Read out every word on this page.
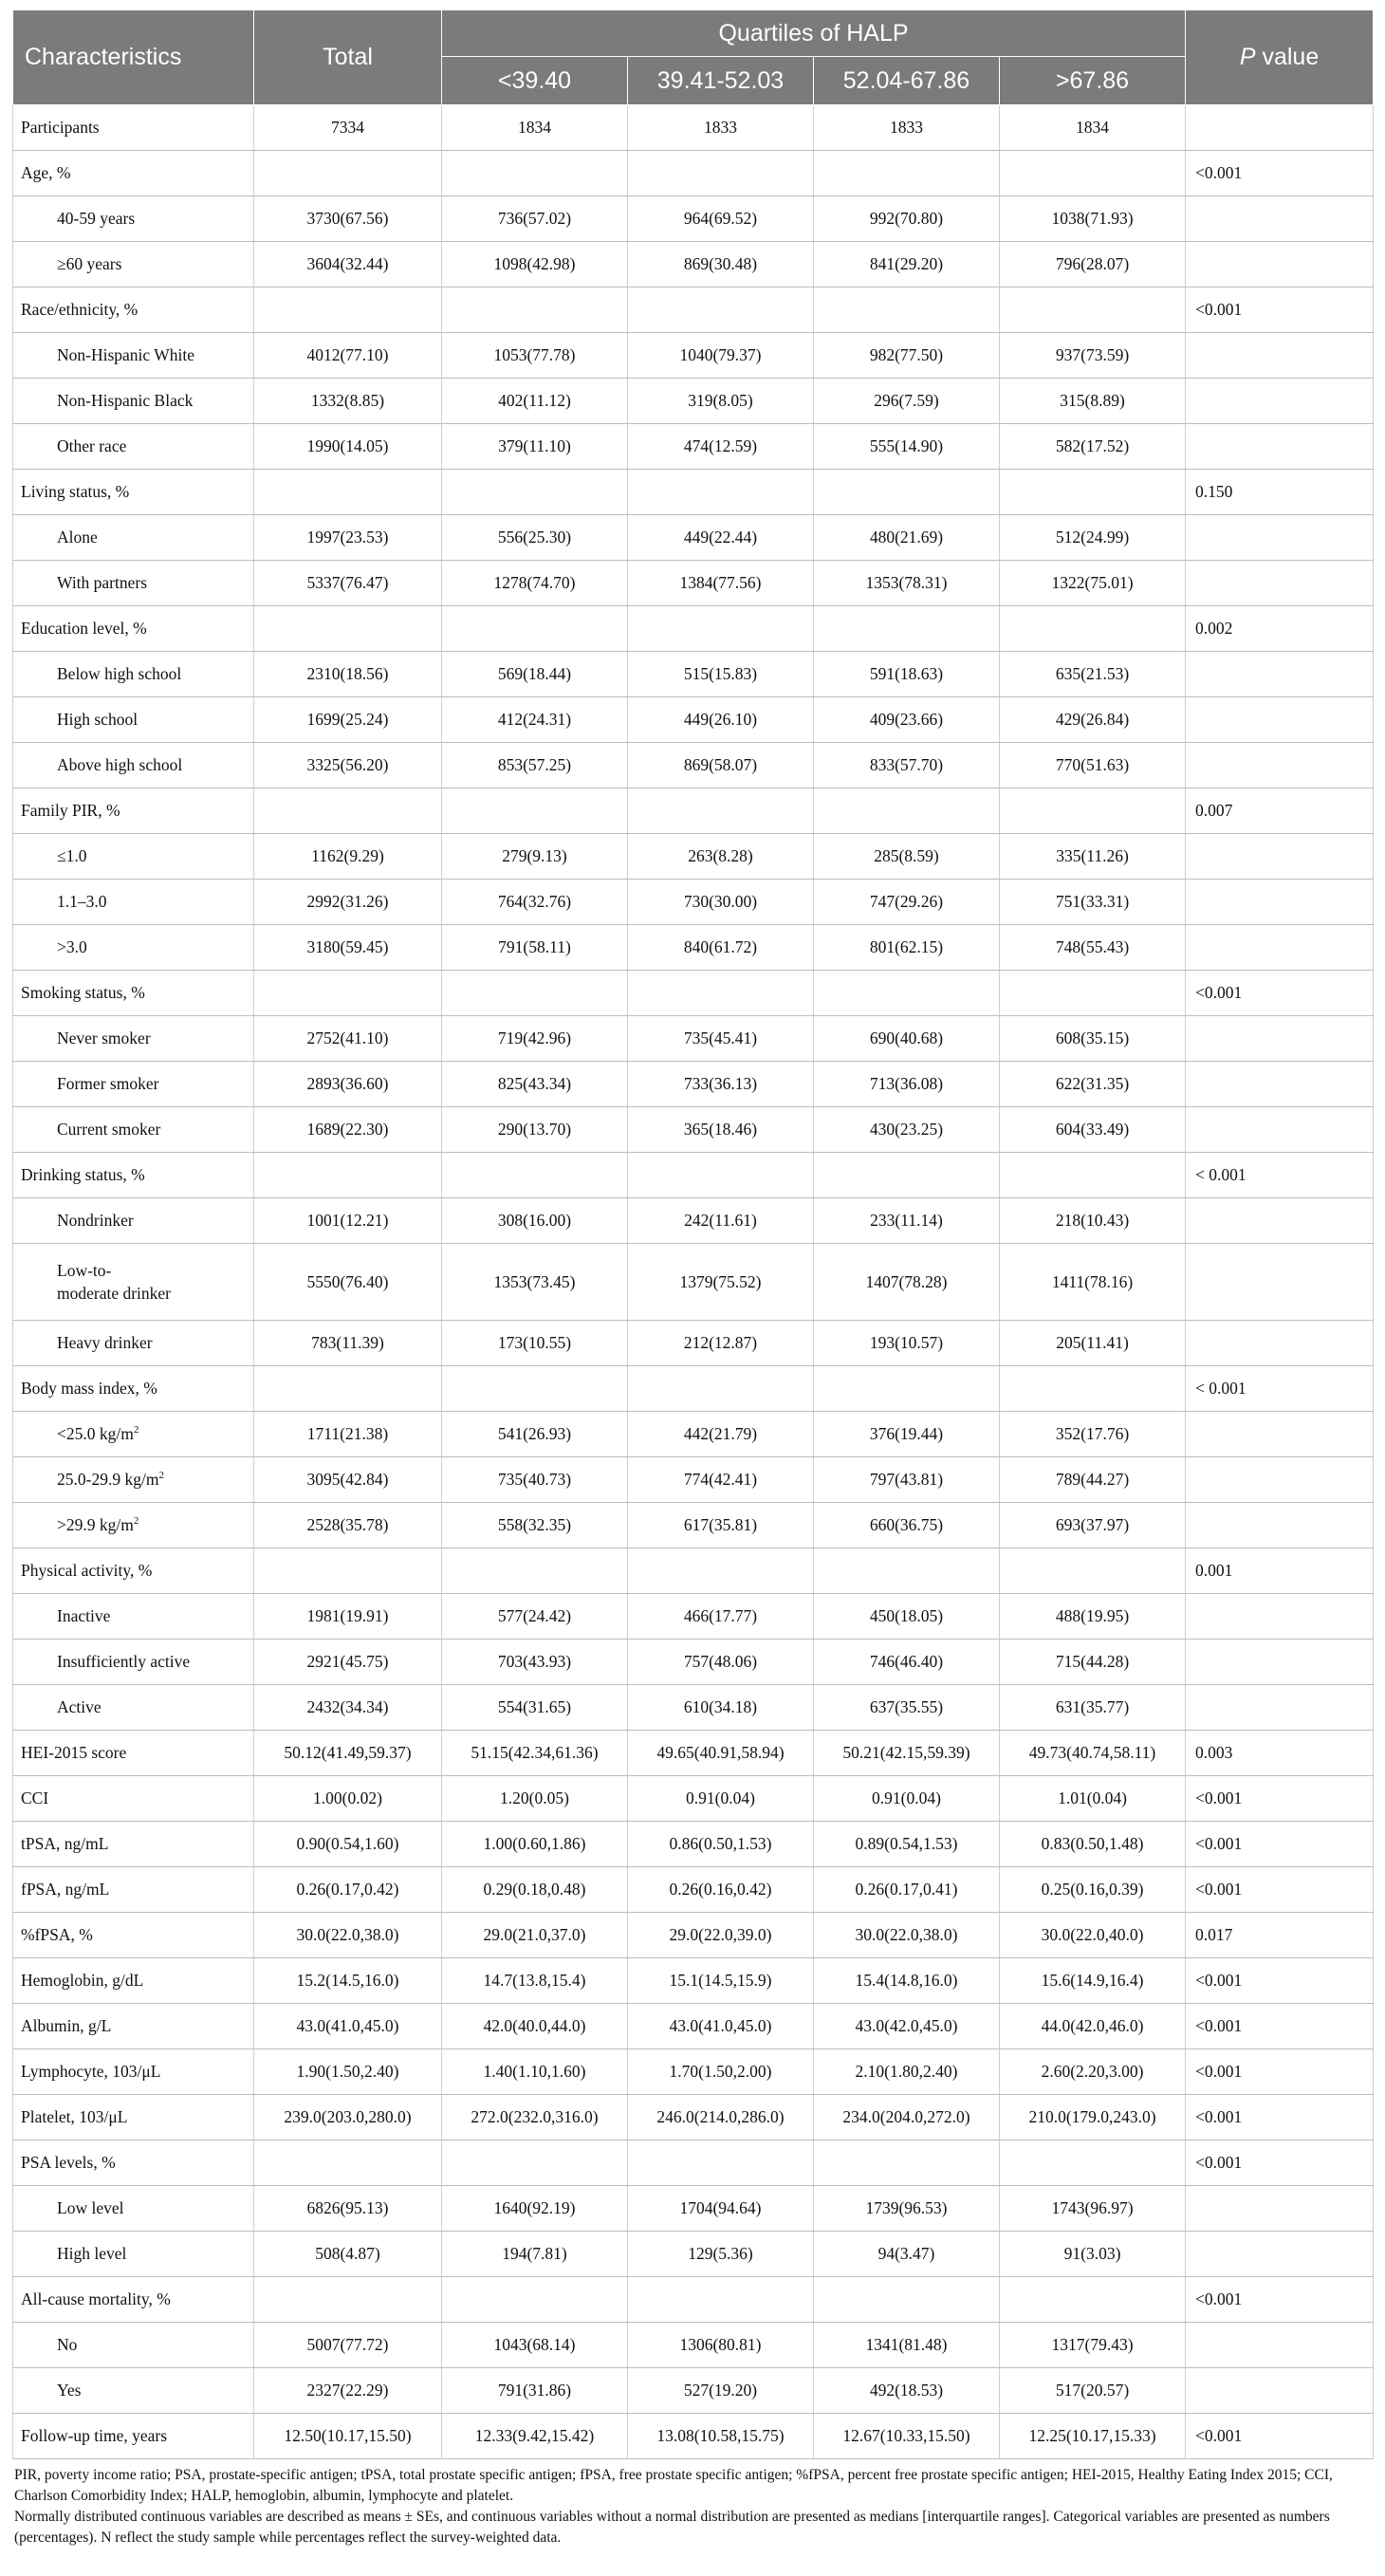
Characteristics	Total	Quartiles of HALP				P value
		<39.40	39.41-52.03	52.04-67.86	>67.86	
Participants	7334	1834	1833	1833	1834	
Age, %						<0.001
40-59 years	3730(67.56)	736(57.02)	964(69.52)	992(70.80)	1038(71.93)	
≥60 years	3604(32.44)	1098(42.98)	869(30.48)	841(29.20)	796(28.07)	
Race/ethnicity, %						<0.001
Non-Hispanic White	4012(77.10)	1053(77.78)	1040(79.37)	982(77.50)	937(73.59)	
Non-Hispanic Black	1332(8.85)	402(11.12)	319(8.05)	296(7.59)	315(8.89)	
Other race	1990(14.05)	379(11.10)	474(12.59)	555(14.90)	582(17.52)	
Living status, %						0.150
Alone	1997(23.53)	556(25.30)	449(22.44)	480(21.69)	512(24.99)	
With partners	5337(76.47)	1278(74.70)	1384(77.56)	1353(78.31)	1322(75.01)	
Education level, %						0.002
Below high school	2310(18.56)	569(18.44)	515(15.83)	591(18.63)	635(21.53)	
High school	1699(25.24)	412(24.31)	449(26.10)	409(23.66)	429(26.84)	
Above high school	3325(56.20)	853(57.25)	869(58.07)	833(57.70)	770(51.63)	
Family PIR, %						0.007
≤1.0	1162(9.29)	279(9.13)	263(8.28)	285(8.59)	335(11.26)	
1.1–3.0	2992(31.26)	764(32.76)	730(30.00)	747(29.26)	751(33.31)	
>3.0	3180(59.45)	791(58.11)	840(61.72)	801(62.15)	748(55.43)	
Smoking status, %						<0.001
Never smoker	2752(41.10)	719(42.96)	735(45.41)	690(40.68)	608(35.15)	
Former smoker	2893(36.60)	825(43.34)	733(36.13)	713(36.08)	622(31.35)	
Current smoker	1689(22.30)	290(13.70)	365(18.46)	430(23.25)	604(33.49)	
Drinking status, %						< 0.001
Nondrinker	1001(12.21)	308(16.00)	242(11.61)	233(11.14)	218(10.43)	
Low-to-
moderate drinker	5550(76.40)	1353(73.45)	1379(75.52)	1407(78.28)	1411(78.16)	
Heavy drinker	783(11.39)	173(10.55)	212(12.87)	193(10.57)	205(11.41)	
Body mass index, %						< 0.001
<25.0 $kg/m^2$	1711(21.38)	541(26.93)	442(21.79)	376(19.44)	352(17.76)	
25.0-29.9 $kg/m^2$	3095(42.84)	735(40.73)	774(42.41)	797(43.81)	789(44.27)	
>29.9 $kg/m^2$	2528(35.78)	558(32.35)	617(35.81)	660(36.75)	693(37.97)	
Physical activity, %						0.001
Inactive	1981(19.91)	577(24.42)	466(17.77)	450(18.05)	488(19.95)	
Insufficiently active	2921(45.75)	703(43.93)	757(48.06)	746(46.40)	715(44.28)	
Active	2432(34.34)	554(31.65)	610(34.18)	637(35.55)	631(35.77)	
HEI-2015 score	50.12(41.49,59.37)	51.15(42.34,61.36)	49.65(40.91,58.94)	50.21(42.15,59.39)	49.73(40.74,58.11)	0.003
CCI	1.00(0.02)	1.20(0.05)	0.91(0.04)	0.91(0.04)	1.01(0.04)	<0.001
tPSA, ng/mL	0.90(0.54,1.60)	1.00(0.60,1.86)	0.86(0.50,1.53)	0.89(0.54,1.53)	0.83(0.50,1.48)	<0.001
fPSA, ng/mL	0.26(0.17,0.42)	0.29(0.18,0.48)	0.26(0.16,0.42)	0.26(0.17,0.41)	0.25(0.16,0.39)	<0.001
%fPSA, %	30.0(22.0,38.0)	29.0(21.0,37.0)	29.0(22.0,39.0)	30.0(22.0,38.0)	30.0(22.0,40.0)	0.017
Hemoglobin, g/dL	15.2(14.5,16.0)	14.7(13.8,15.4)	15.1(14.5,15.9)	15.4(14.8,16.0)	15.6(14.9,16.4)	<0.001
Albumin, g/L	43.0(41.0,45.0)	42.0(40.0,44.0)	43.0(41.0,45.0)	43.0(42.0,45.0)	44.0(42.0,46.0)	<0.001
Lymphocyte, 103/μL	1.90(1.50,2.40)	1.40(1.10,1.60)	1.70(1.50,2.00)	2.10(1.80,2.40)	2.60(2.20,3.00)	<0.001
Platelet, 103/μL	239.0(203.0,280.0)	272.0(232.0,316.0)	246.0(214.0,286.0)	234.0(204.0,272.0)	210.0(179.0,243.0)	<0.001
PSA levels, %						<0.001
Low level	6826(95.13)	1640(92.19)	1704(94.64)	1739(96.53)	1743(96.97)	
High level	508(4.87)	194(7.81)	129(5.36)	94(3.47)	91(3.03)	
All-cause mortality, %						<0.001
No	5007(77.72)	1043(68.14)	1306(80.81)	1341(81.48)	1317(79.43)	
Yes	2327(22.29)	791(31.86)	527(19.20)	492(18.53)	517(20.57)	
Follow-up time, years	12.50(10.17,15.50)	12.33(9.42,15.42)	13.08(10.58,15.75)	12.67(10.33,15.50)	12.25(10.17,15.33)	<0.001

PIR, poverty income ratio; PSA, prostate-specific antigen; tPSA, total prostate specific antigen; fPSA, free prostate specific antigen; %fPSA, percent free prostate specific antigen; HEI-2015, Healthy Eating Index 2015; CCI, Charlson Comorbidity Index; HALP, hemoglobin, albumin, lymphocyte and platelet.

Normally distributed continuous variables are described as means ± SEs, and continuous variables without a normal distribution are presented as medians [interquartile ranges]. Categorical variables are presented as numbers (percentages). N reflect the study sample while percentages reflect the survey-weighted data.
